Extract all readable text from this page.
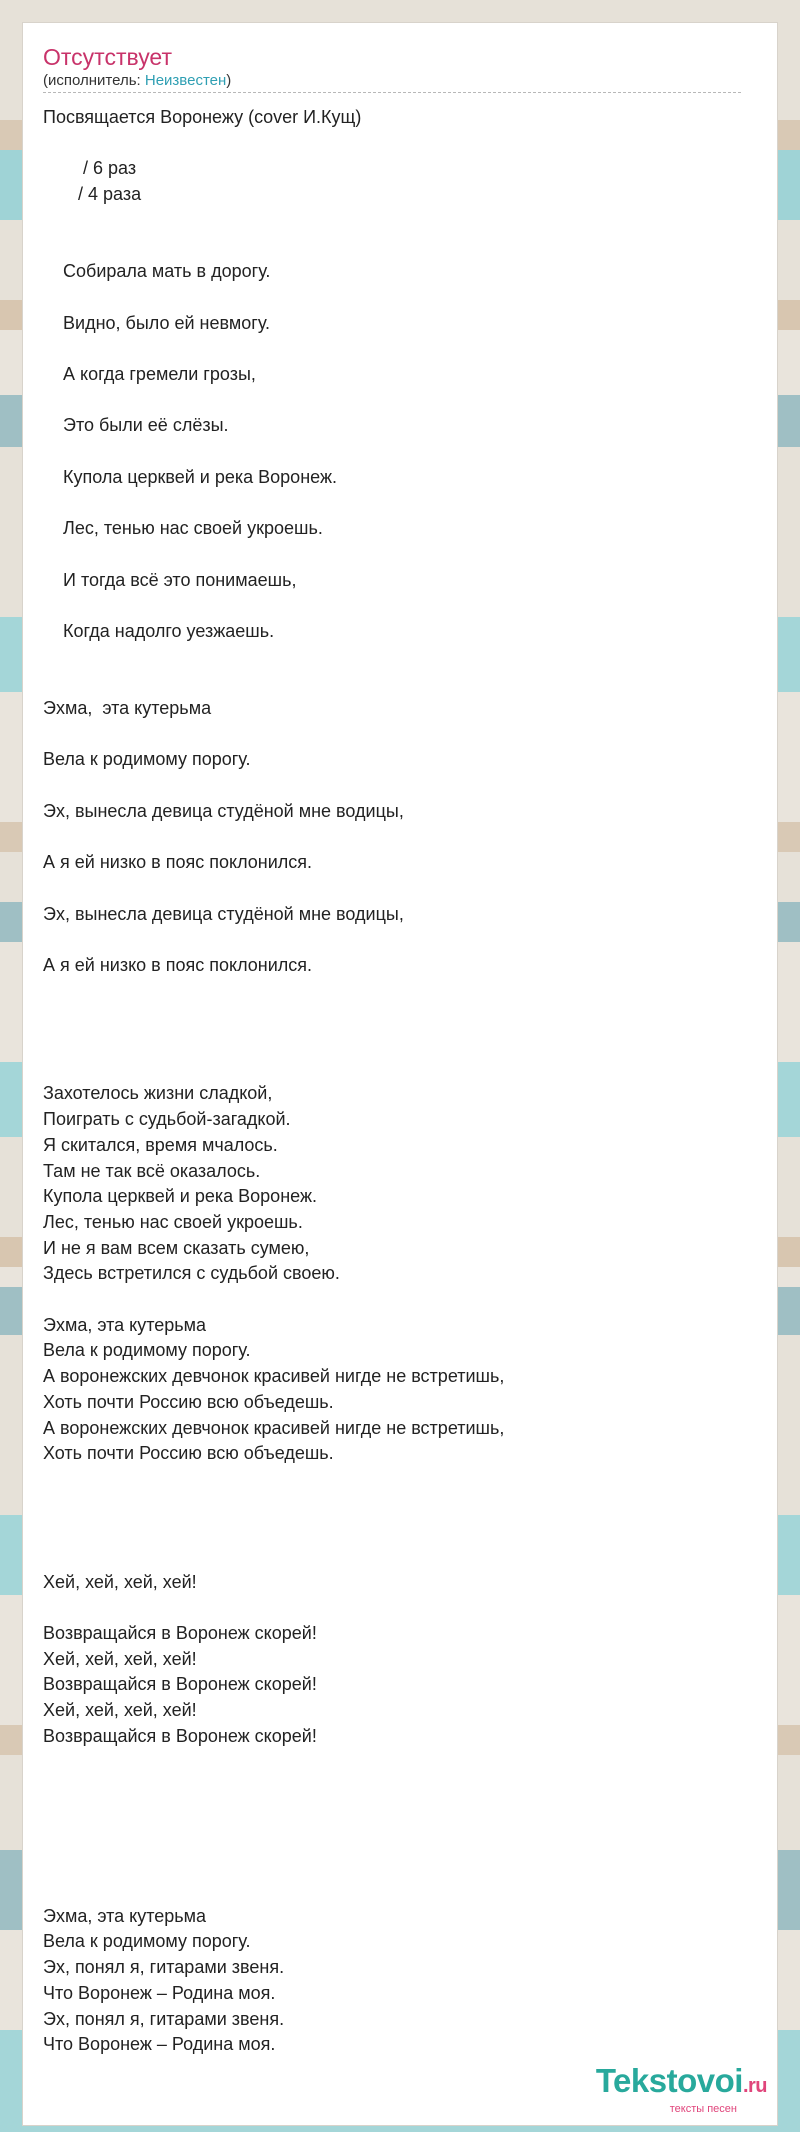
Отсутствует
(исполнитель: Неизвестен)
Посвящается Воронежу (cover И.Кущ)
/ 6 раз
/ 4 раза
Собирала мать в дорогу.
Видно, было ей невмогу.
А когда гремели грозы,
Это были её слёзы.
Купола церквей и река Воронеж.
Лес, тенью нас своей укроешь.
И тогда всё это понимаешь,
Когда надолго уезжаешь.
Эхма,  эта кутерьма
Вела к родимому порогу.
Эх, вынесла девица студёной мне водицы,
А я ей низко в пояс поклонился.
Эх, вынесла девица студёной мне водицы,
А я ей низко в пояс поклонился.
Захотелось жизни сладкой,
Поиграть с судьбой-загадкой.
Я скитался, время мчалось.
Там не так всё оказалось.
Купола церквей и река Воронеж.
Лес, тенью нас своей укроешь.
И не я вам всем сказать сумею,
Здесь встретился с судьбой своею.
Эхма, эта кутерьма
Вела к родимому порогу.
А воронежских девчонок красивей нигде не встретишь,
Хоть почти Россию всю объедешь.
А воронежских девчонок красивей нигде не встретишь,
Хоть почти Россию всю объедешь.
Хей, хей, хей, хей!
Возвращайся в Воронеж скорей!
Хей, хей, хей, хей!
Возвращайся в Воронеж скорей!
Хей, хей, хей, хей!
Возвращайся в Воронеж скорей!
Эхма, эта кутерьма
Вела к родимому порогу.
Эх, понял я, гитарами звеня.
Что Воронеж – Родина моя.
Эх, понял я, гитарами звеня.
Что Воронеж – Родина моя.
Tekstovoi.ru
тексты песен
